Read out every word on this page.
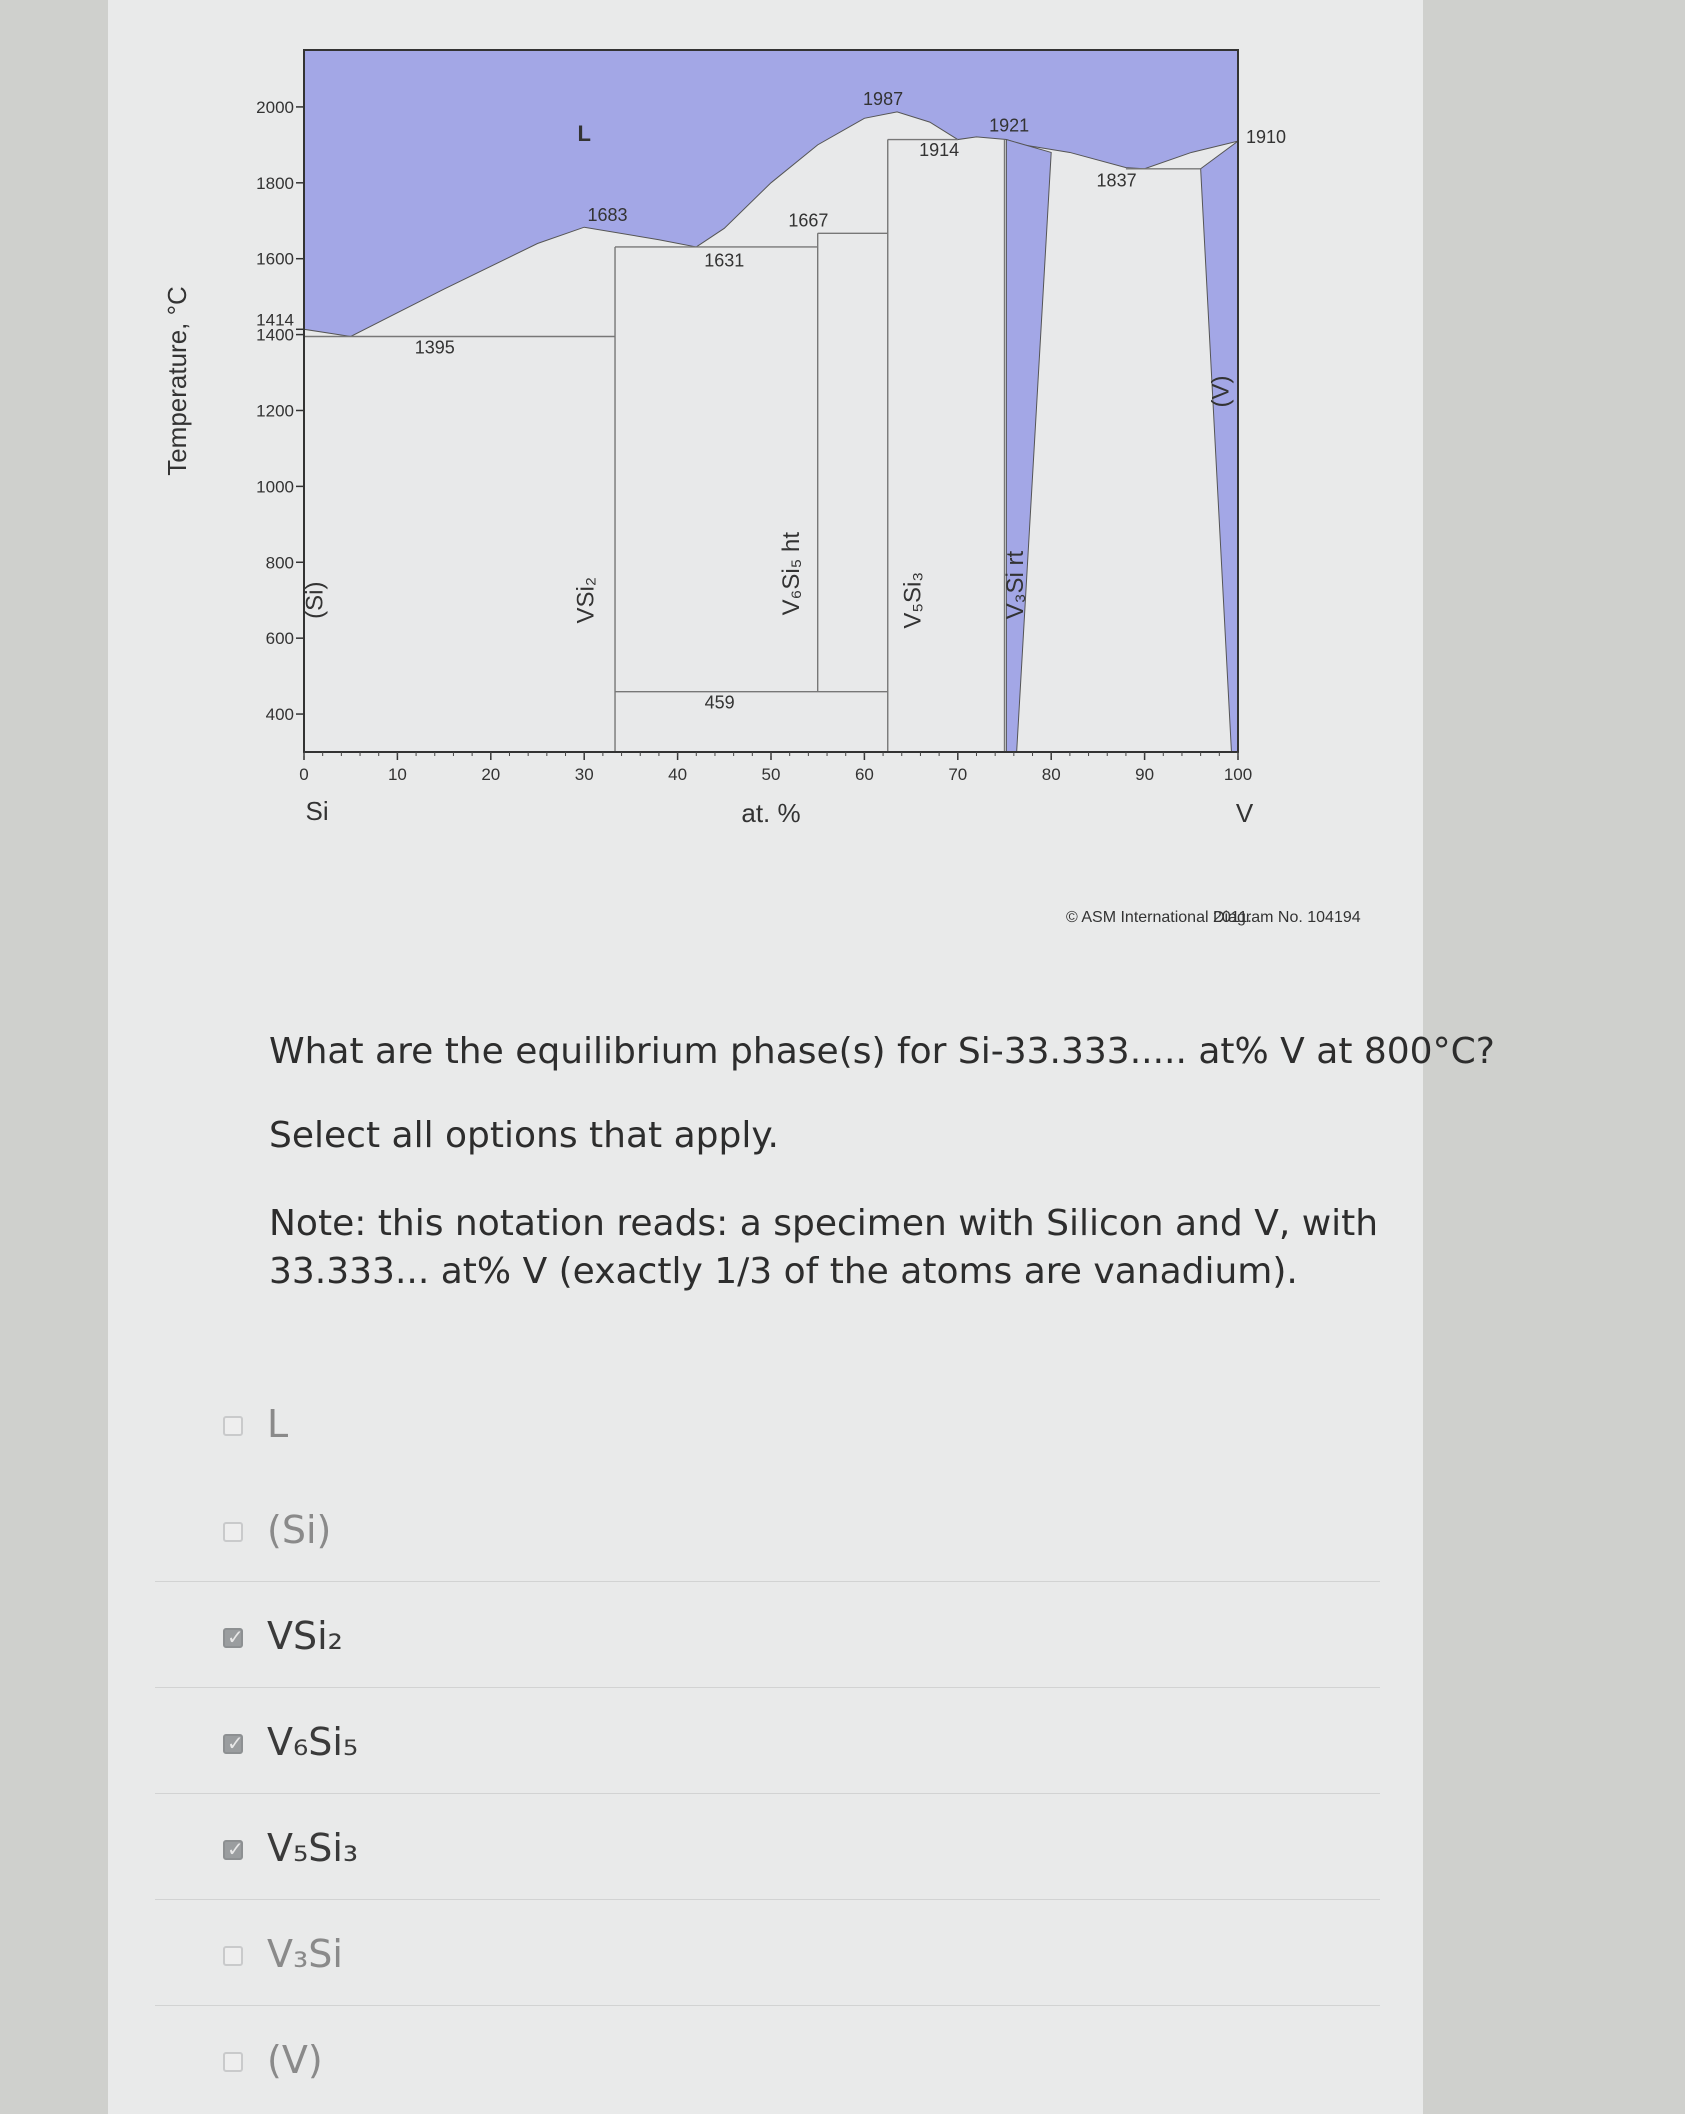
0	10	20	30	40	50	60	70	80	90	100
400
600
800
1000
1200
1400
1600
1800
2000
1414
at. %
Temperature, °C
Si	V
L
(Si)	VSi₂	V₆Si₅ ht	V₅Si₃	V₃Si rt
(V)
1395
1683
1631
1667
1987
1914
1921
1837
1910
459
© ASM International 2011.
Diagram No. 104194

What are the equilibrium phase(s) for Si-33.333..... at% V at 800°C?

Select all options that apply.

Note: this notation reads: a specimen with Silicon and V, with 33.333... at% V (exactly 1/3 of the atoms are vanadium).

L
(Si)
✓
VSi₂
✓
V₆Si₅
✓
V₅Si₃
V₃Si
(V)
